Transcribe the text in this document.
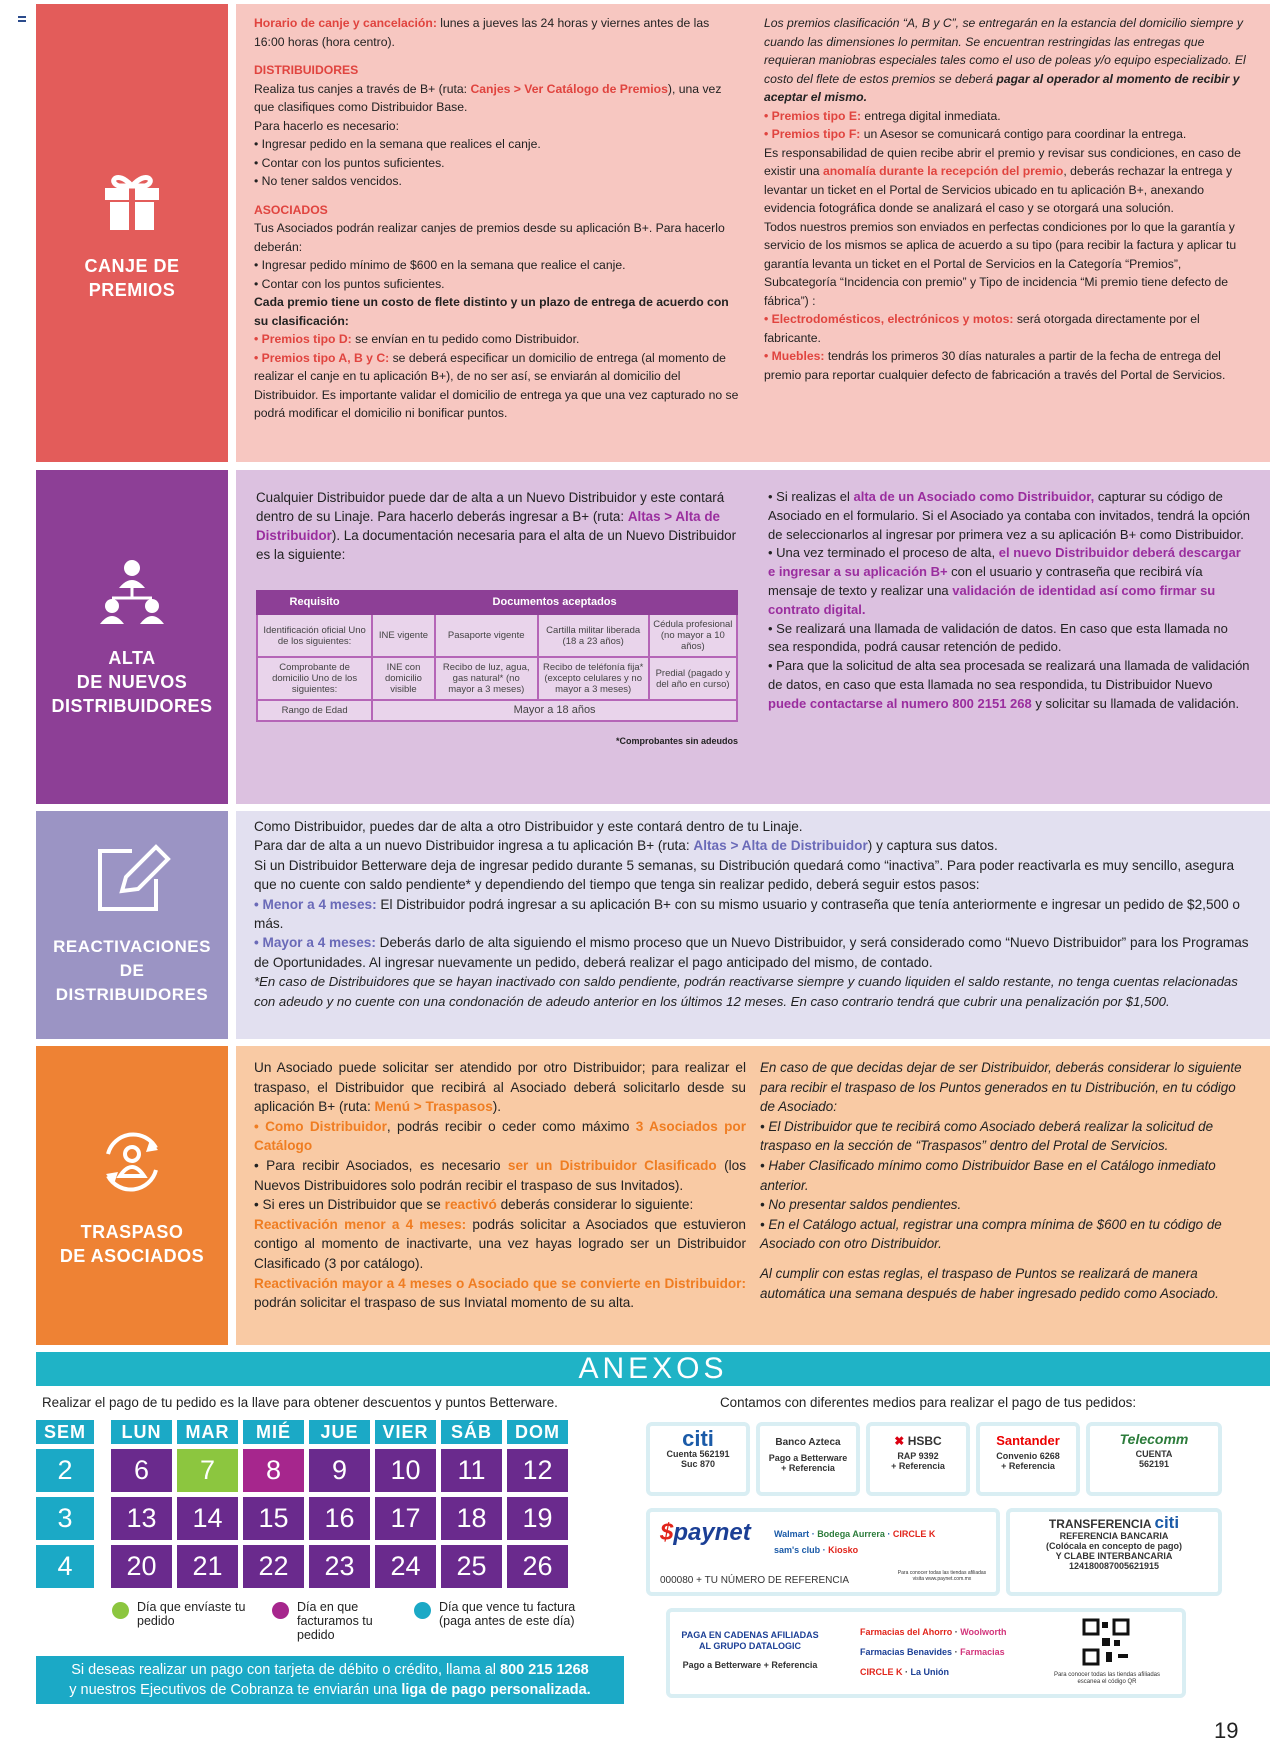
CANJE DE
PREMIOS

Horario de canje y cancelación: lunes a jueves las 24 horas y viernes antes de las 16:00 horas (hora centro).

DISTRIBUIDORES

Realiza tus canjes a través de B+ (ruta: Canjes > Ver Catálogo de Premios), una vez que clasifiques como Distribuidor Base.

Para hacerlo es necesario:

• Ingresar pedido en la semana que realices el canje.

• Contar con los puntos suficientes.

• No tener saldos vencidos.

ASOCIADOS

Tus Asociados podrán realizar canjes de premios desde su aplicación B+. Para hacerlo deberán:

• Ingresar pedido mínimo de $600 en la semana que realice el canje.

• Contar con los puntos suficientes.

Cada premio tiene un costo de flete distinto y un plazo de entrega de acuerdo con su clasificación:

• Premios tipo D: se envían en tu pedido como Distribuidor.

• Premios tipo A, B y C: se deberá especificar un domicilio de entrega (al momento de realizar el canje en tu aplicación B+), de no ser así, se enviarán al domicilio del Distribuidor. Es importante validar el domicilio de entrega ya que una vez capturado no se podrá modificar el domicilio ni bonificar puntos.

Los premios clasificación “A, B y C”, se entregarán en la estancia del domicilio siempre y cuando las dimensiones lo permitan. Se encuentran restringidas las entregas que requieran maniobras especiales tales como el uso de poleas y/o equipo especializado. El costo del flete de estos premios se deberá pagar al operador al momento de recibir y aceptar el mismo.

• Premios tipo E: entrega digital inmediata.

• Premios tipo F: un Asesor se comunicará contigo para coordinar la entrega.

Es responsabilidad de quien recibe abrir el premio y revisar sus condiciones, en caso de existir una anomalía durante la recepción del premio, deberás rechazar la entrega y levantar un ticket en el Portal de Servicios ubicado en tu aplicación B+, anexando evidencia fotográfica donde se analizará el caso y se otorgará una solución.

Todos nuestros premios son enviados en perfectas condiciones por lo que la garantía y servicio de los mismos se aplica de acuerdo a su tipo (para recibir la factura y aplicar tu garantía levanta un ticket en el Portal de Servicios en la Categoría “Premios”, Subcategoría “Incidencia con premio” y Tipo de incidencia “Mi premio tiene defecto de fábrica”) :

• Electrodomésticos, electrónicos y motos: será otorgada directamente por el fabricante.

• Muebles: tendrás los primeros 30 días naturales a partir de la fecha de entrega del premio para reportar cualquier defecto de fabricación a través del Portal de Servicios.

ALTA
DE NUEVOS
DISTRIBUIDORES

Cualquier Distribuidor puede dar de alta a un Nuevo Distribuidor y este contará dentro de su Linaje. Para hacerlo deberás ingresar a B+ (ruta: Altas > Alta de Distribuidor). La documentación necesaria para el alta de un Nuevo Distribuidor es la siguiente:

Requisito	Documentos aceptados			
Identificación oficial Uno de los siguientes:	INE vigente	Pasaporte vigente	Cartilla militar liberada (18 a 23 años)	Cédula profesional (no mayor a 10 años)
Comprobante de domicilio Uno de los siguientes:	INE con domicilio visible	Recibo de luz, agua, gas natural* (no mayor a 3 meses)	Recibo de teléfonía fija* (excepto celulares y no mayor a 3 meses)	Predial (pagado y del año en curso)
Rango de Edad	Mayor a 18 años			

*Comprobantes sin adeudos

• Si realizas el alta de un Asociado como Distribuidor, capturar su código de Asociado en el formulario. Si el Asociado ya contaba con invitados, tendrá la opción de seleccionarlos al ingresar por primera vez a su aplicación B+ como Distribuidor.

• Una vez terminado el proceso de alta, el nuevo Distribuidor deberá descargar e ingresar a su aplicación B+ con el usuario y contraseña que recibirá vía mensaje de texto y realizar una validación de identidad así como firmar su contrato digital.

• Se realizará una llamada de validación de datos. En caso que esta llamada no sea respondida, podrá causar retención de pedido.

• Para que la solicitud de alta sea procesada se realizará una llamada de validación de datos, en caso que esta llamada no sea respondida, tu Distribuidor Nuevo puede contactarse al numero 800 2151 268 y solicitar su llamada de validación.

REACTIVACIONES
DE
DISTRIBUIDORES

Como Distribuidor, puedes dar de alta a otro Distribuidor y este contará dentro de tu Linaje.

Para dar de alta a un nuevo Distribuidor ingresa a tu aplicación B+ (ruta: Altas > Alta de Distribuidor) y captura sus datos.

Si un Distribuidor Betterware deja de ingresar pedido durante 5 semanas, su Distribución quedará como “inactiva”. Para poder reactivarla es muy sencillo, asegura que no cuente con saldo pendiente* y dependiendo del tiempo que tenga sin realizar pedido, deberá seguir estos pasos:

• Menor a 4 meses: El Distribuidor podrá ingresar a su aplicación B+ con su mismo usuario y contraseña que tenía anteriormente e ingresar un pedido de $2,500 o más.

• Mayor a 4 meses: Deberás darlo de alta siguiendo el mismo proceso que un Nuevo Distribuidor, y será considerado como “Nuevo Distribuidor” para los Programas de Oportunidades. Al ingresar nuevamente un pedido, deberá realizar el pago anticipado del mismo, de contado.

*En caso de Distribuidores que se hayan inactivado con saldo pendiente, podrán reactivarse siempre y cuando liquiden el saldo restante, no tenga cuentas relacionadas con adeudo y no cuente con una condonación de adeudo anterior en los últimos 12 meses. En caso contrario tendrá que cubrir una penalización por $1,500.

TRASPASO
DE ASOCIADOS

Un Asociado puede solicitar ser atendido por otro Distribuidor; para realizar el traspaso, el Distribuidor que recibirá al Asociado deberá solicitarlo desde su aplicación B+ (ruta: Menú > Traspasos).

• Como Distribuidor, podrás recibir o ceder como máximo 3 Asociados por Catálogo

• Para recibir Asociados, es necesario ser un Distribuidor Clasificado (los Nuevos Distribuidores solo podrán recibir el traspaso de sus Invitados).

• Si eres un Distribuidor que se reactivó deberás considerar lo siguiente:

Reactivación menor a 4 meses: podrás solicitar a Asociados que estuvieron contigo al momento de inactivarte, una vez hayas logrado ser un Distribuidor Clasificado (3 por catálogo).

Reactivación mayor a 4 meses o Asociado que se convierte en Distribuidor: podrán solicitar el traspaso de sus Inviatal momento de su alta.

En caso de que decidas dejar de ser Distribuidor, deberás considerar lo siguiente para recibir el traspaso de los Puntos generados en tu Distribución, en tu código de Asociado:

• El Distribuidor que te recibirá como Asociado deberá realizar la solicitud de traspaso en la sección de “Traspasos” dentro del Protal de Servicios.

• Haber Clasificado mínimo como Distribuidor Base en el Catálogo inmediato anterior.

• No presentar saldos pendientes.

• En el Catálogo actual, registrar una compra mínima de $600 en tu código de Asociado con otro Distribuidor.

Al cumplir con estas reglas, el traspaso de Puntos se realizará de manera automática una semana después de haber ingresado pedido como Asociado.

ANEXOS
Realizar el pago de tu pedido es la llave para obtener descuentos y puntos Betterware.	Contamos con diferentes medios para realizar el pago de tus pedidos:
SEM	LUN	MAR	MIÉ	JUE	VIER	SÁB	DOM
2	6	7	8	9	10	11	12
3	13	14	15	16	17	18	19
4	20	21	22	23	24	25	26
Día que envíaste tu pedido
Día en que facturamos tu pedido
Día que vence tu factura (paga antes de este día)
Si deseas realizar un pago con tarjeta de débito o crédito, llama al 800 215 1268
y nuestros Ejecutivos de Cobranza te enviarán una liga de pago personalizada.
citi
Cuenta 562191
Suc 870
Banco Azteca
Pago a Betterware
+ Referencia
✖ HSBC
RAP 9392
+ Referencia
Santander
Convenio 6268
+ Referencia
Telecomm
CUENTA
562191
$paynet	Walmart · Bodega Aurrera · CIRCLE K
sam's club · Kiosko
000080 + TU NÚMERO DE REFERENCIA
Para conocer todas las tiendas afiliadas visita www.paynet.com.mx
TRANSFERENCIA citi
REFERENCIA BANCARIA
(Colócala en concepto de pago)
Y CLABE INTERBANCARIA
124180087005621915
PAGA EN CADENAS AFILIADAS
AL GRUPO DATALOGIC
Pago a Betterware + Referencia
Farmacias del Ahorro · Woolworth
Farmacias Benavides · Farmacias
CIRCLE K · La Unión	Para conocer todas las tiendas afiliadas escanea el código QR
19
